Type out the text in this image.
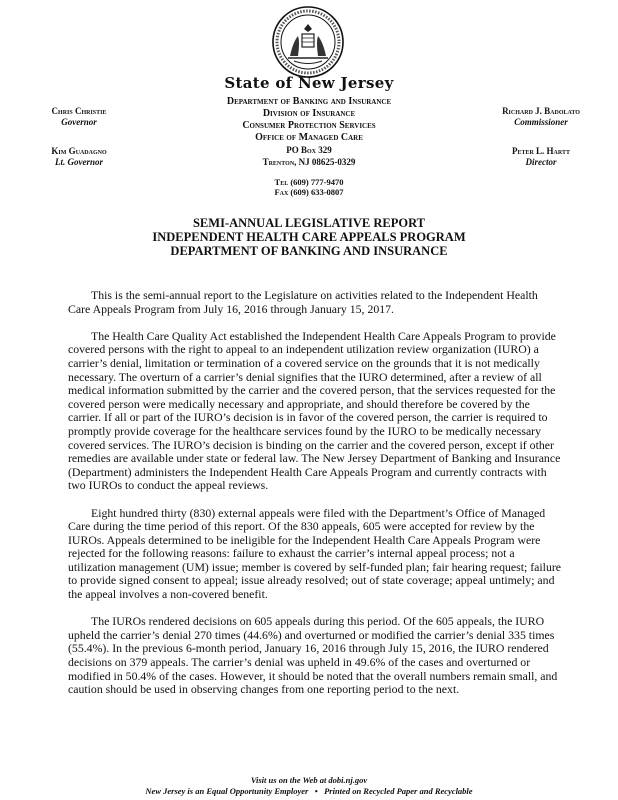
State of New Jersey
Department of Banking and Insurance
Division of Insurance
Consumer Protection Services
Office of Managed Care
PO Box 329
Trenton, NJ 08625-0329
Tel (609) 777-9470
Fax (609) 633-0807
Chris Christie
Governor
Kim Guadagno
Lt. Governor
Richard J. Badolato
Commissioner
Peter L. Hartt
Director
SEMI-ANNUAL LEGISLATIVE REPORT
INDEPENDENT HEALTH CARE APPEALS PROGRAM
DEPARTMENT OF BANKING AND INSURANCE

This is the semi-annual report to the Legislature on activities related to the Independent Health Care Appeals Program from July 16, 2016 through January 15, 2017.

The Health Care Quality Act established the Independent Health Care Appeals Program to provide covered persons with the right to appeal to an independent utilization review organization (IURO) a carrier’s denial, limitation or termination of a covered service on the grounds that it is not medically necessary. The overturn of a carrier’s denial signifies that the IURO determined, after a review of all medical information submitted by the carrier and the covered person, that the services requested for the covered person were medically necessary and appropriate, and should therefore be covered by the carrier. If all or part of the IURO’s decision is in favor of the covered person, the carrier is required to promptly provide coverage for the healthcare services found by the IURO to be medically necessary covered services. The IURO’s decision is binding on the carrier and the covered person, except if other remedies are available under state or federal law. The New Jersey Department of Banking and Insurance (Department) administers the Independent Health Care Appeals Program and currently contracts with two IUROs to conduct the appeal reviews.

Eight hundred thirty (830) external appeals were filed with the Department’s Office of Managed Care during the time period of this report. Of the 830 appeals, 605 were accepted for review by the IUROs. Appeals determined to be ineligible for the Independent Health Care Appeals Program were rejected for the following reasons: failure to exhaust the carrier’s internal appeal process; not a utilization management (UM) issue; member is covered by self-funded plan; fair hearing request; failure to provide signed consent to appeal; issue already resolved; out of state coverage; appeal untimely; and the appeal involves a non-covered benefit.

The IUROs rendered decisions on 605 appeals during this period. Of the 605 appeals, the IURO upheld the carrier’s denial 270 times (44.6%) and overturned or modified the carrier’s denial 335 times (55.4%). In the previous 6-month period, January 16, 2016 through July 15, 2016, the IURO rendered decisions on 379 appeals. The carrier’s denial was upheld in 49.6% of the cases and overturned or modified in 50.4% of the cases. However, it should be noted that the overall numbers remain small, and caution should be used in observing changes from one reporting period to the next.

Visit us on the Web at dobi.nj.gov
New Jersey is an Equal Opportunity Employer • Printed on Recycled Paper and Recyclable
